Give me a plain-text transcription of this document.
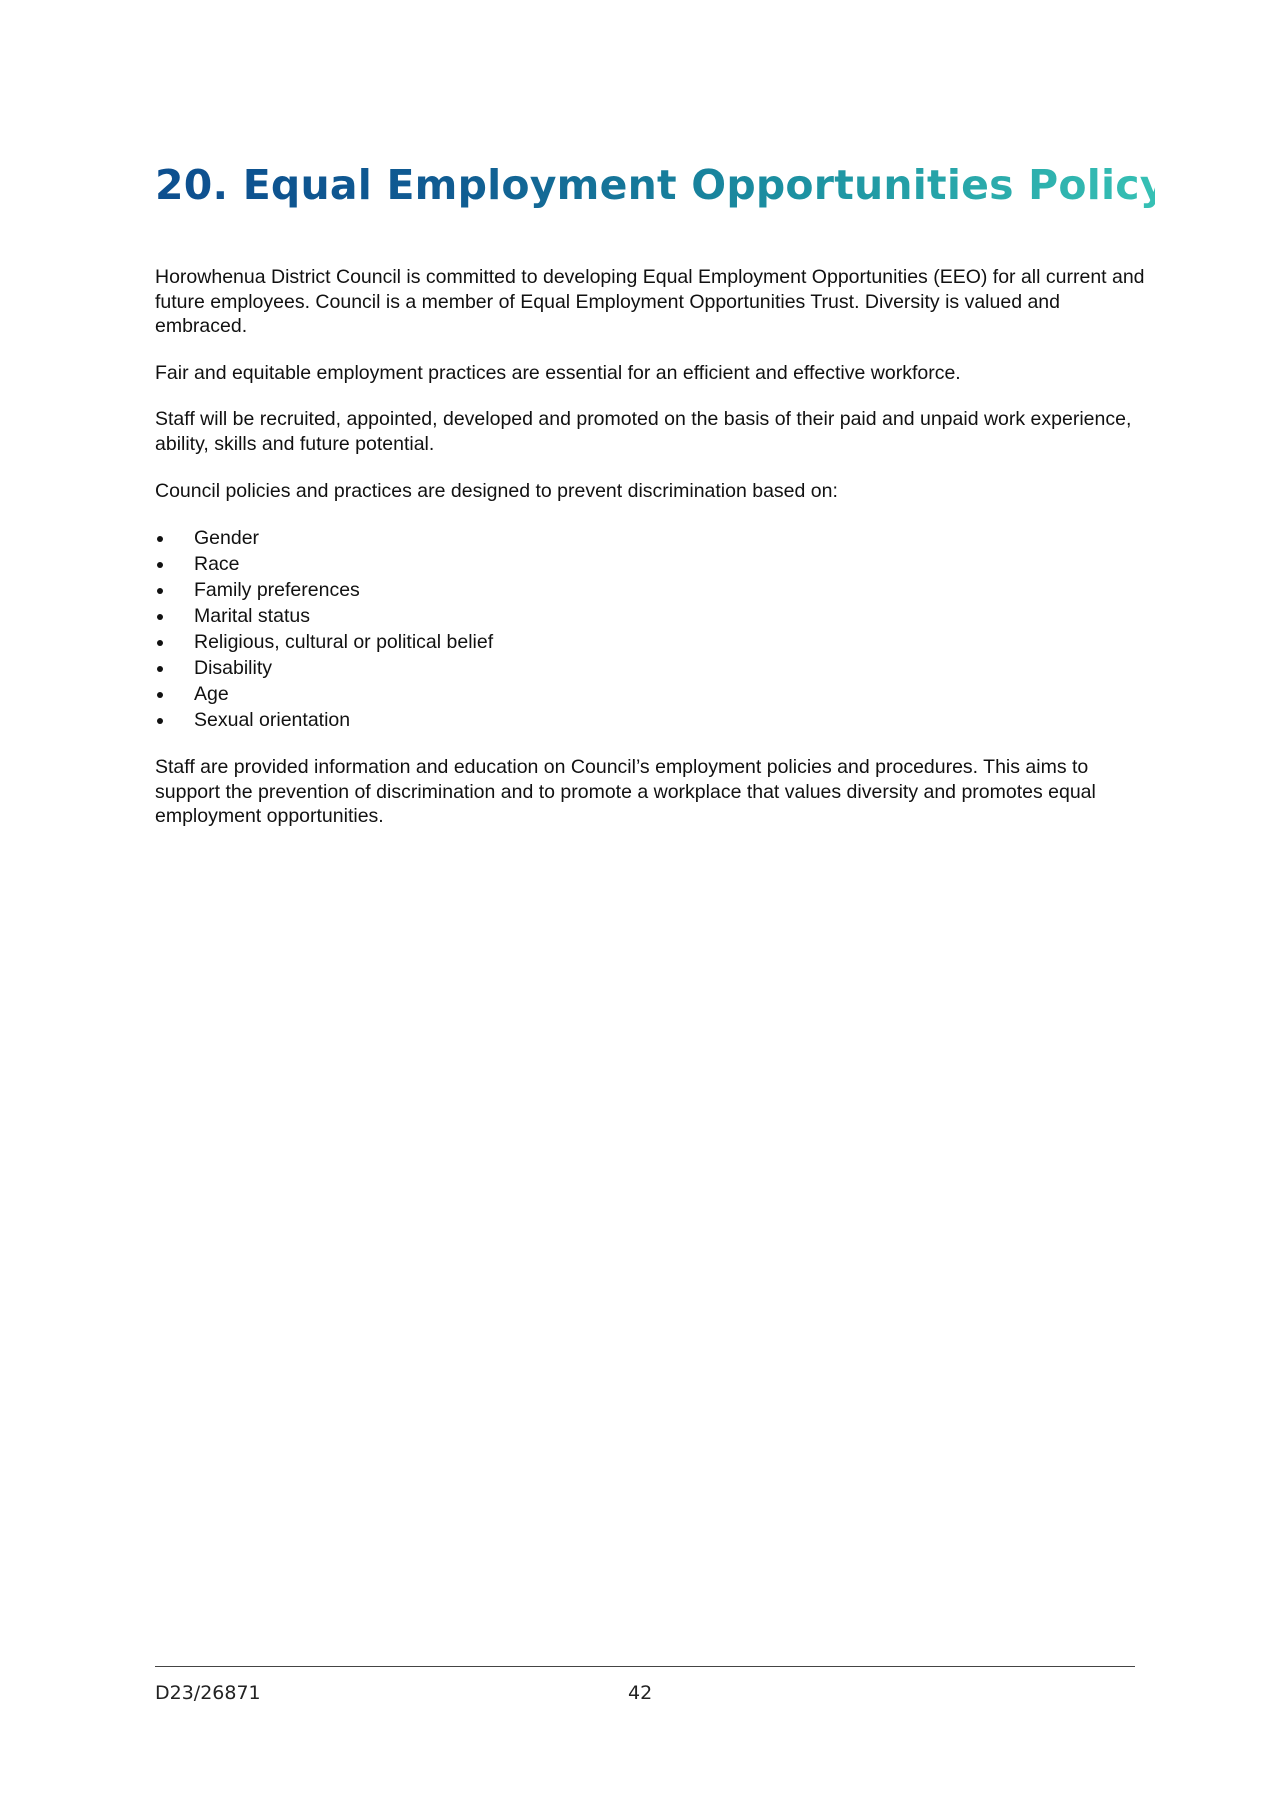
20. Equal Employment Opportunities Policy

Horowhenua District Council is committed to developing Equal Employment Opportunities (EEO) for all current and future employees. Council is a member of Equal Employment Opportunities Trust. Diversity is valued and embraced.

Fair and equitable employment practices are essential for an efficient and effective workforce.

Staff will be recruited, appointed, developed and promoted on the basis of their paid and unpaid work experience, ability, skills and future potential.

Council policies and practices are designed to prevent discrimination based on:

Gender
Race
Family preferences
Marital status
Religious, cultural or political belief
Disability
Age
Sexual orientation

Staff are provided information and education on Council’s employment policies and procedures. This aims to support the prevention of discrimination and to promote a workplace that values diversity and promotes equal employment opportunities.

D23/26871	42
